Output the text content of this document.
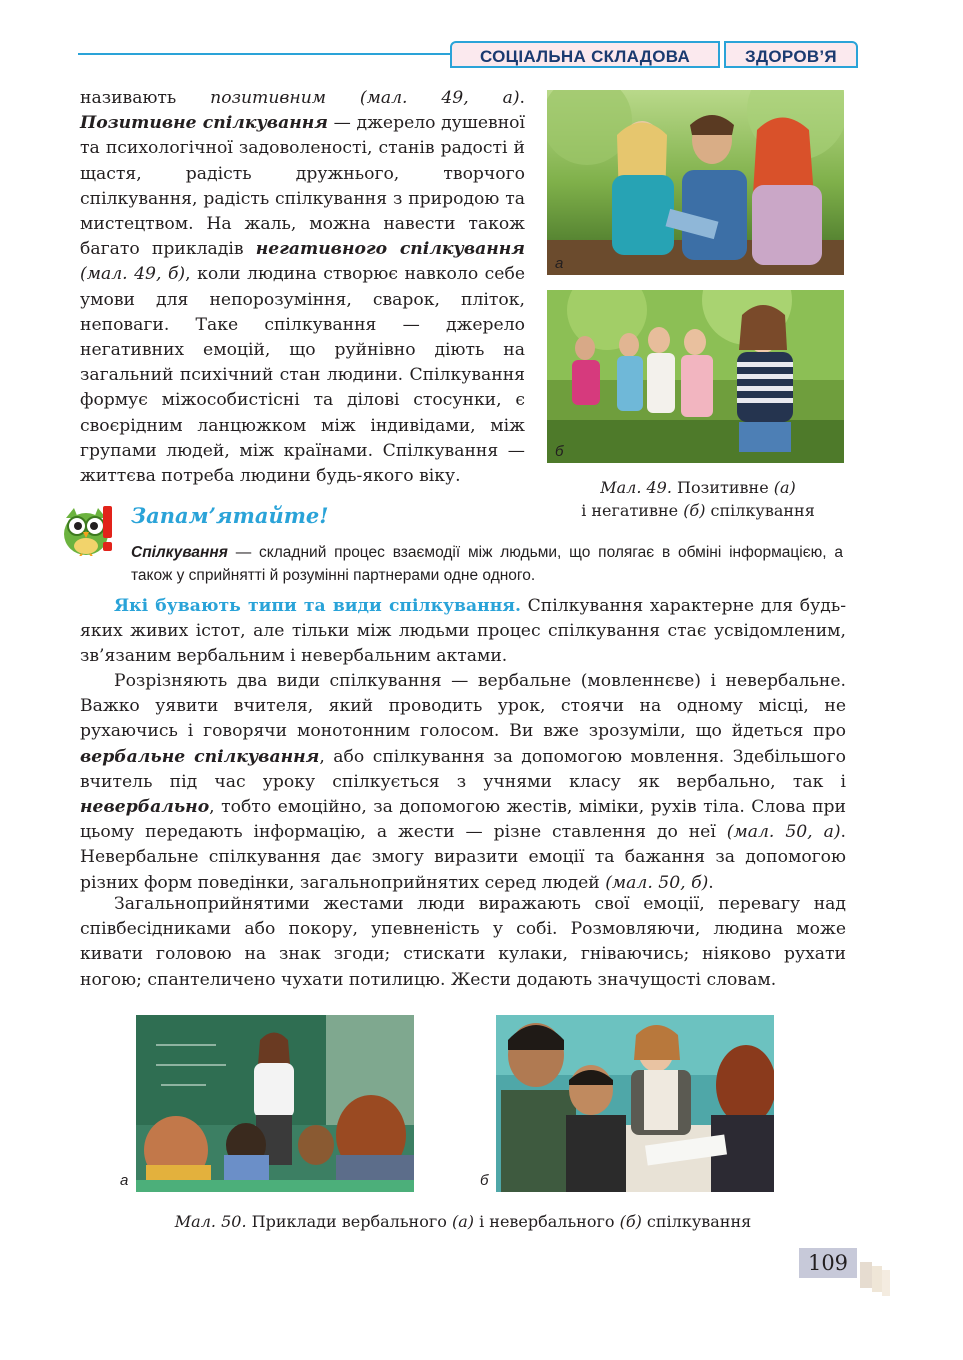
СОЦІАЛЬНА СКЛАДОВА	ЗДОРОВ’Я

називають позитивним (мал. 49, а). Позитивне спілкування — джерело душевної та психологічної задоволеності, станів радості й щастя, радість дружнього, творчого спілкування, радість спілкування з природою та мистецтвом. На жаль, можна навести також багато прикладів негативного спілкування (мал. 49, б), коли людина створює навколо себе умови для непорозуміння, сварок, пліток, неповаги. Таке спілкування — джерело негативних емоцій, що руйнівно діють на загальний психічний стан людини. Спілкування формує міжособистісні та ділові стосунки, є своєрідним ланцюжком між індивідами, між групами людей, між країнами. Спілкування — життєва потреба людини будь-якого віку.

а
б
Мал. 49. Позитивне (а)
і негативне (б) спілкування
Запам’ятайте!

Спілкування — складний процес взаємодії між людьми, що полягає в обміні інформацією, а також у сприйнятті й розумінні партнерами одне одного.

Які бувають типи та види спілкування. Спілкування характерне для будь-яких живих істот, але тільки між людьми процес спілкування стає усвідомленим, зв’язаним вербальним і невербальним актами.

Розрізняють два види спілкування — вербальне (мовленнєве) і невербальне. Важко уявити вчителя, який проводить урок, стоячи на одному місці, не рухаючись і говорячи монотонним голосом. Ви вже зрозуміли, що йдеться про вербальне спілкування, або спілкування за допомогою мовлення. Здебільшого вчитель під час уроку спілкується з учнями класу як вербально, так і невербально, тобто емоційно, за допомогою жестів, міміки, рухів тіла. Слова при цьому передають інформацію, а жести — різне ставлення до неї (мал. 50, а). Невербальне спілкування дає змогу виразити емоції та бажання за допомогою різних форм поведінки, загальноприйнятих серед людей (мал. 50, б).

Загальноприйнятими жестами люди виражають свої емоції, перевагу над співбесідниками або покору, упевненість у собі. Розмовляючи, людина може кивати головою на знак згоди; стискати кулаки, гніваючись; ніяково рухати ногою; спантеличено чухати потилицю. Жести додають значущості словам.

а	б
Мал. 50. Приклади вербального (а) і невербального (б) спілкування
109
